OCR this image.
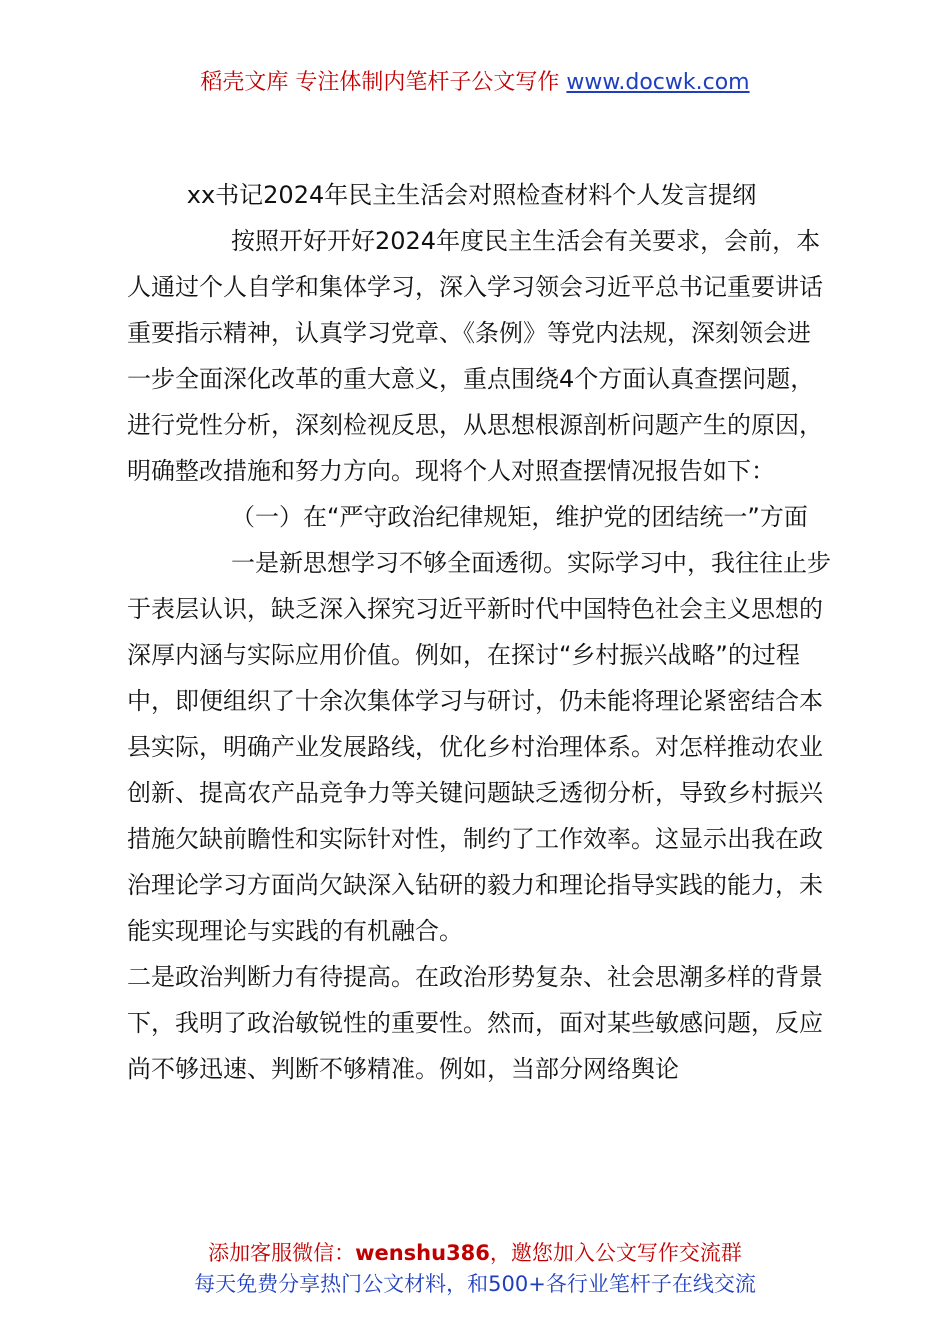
稻壳文库 专注体制内笔杆子公文写作 www.docwk.com

xx书记2024年民主生活会对照检查材料个人发言提纲

按照开好开好2024年度民主生活会有关要求，会前，本人通过个人自学和集体学习，深入学习领会习近平总书记重要讲话重要指示精神，认真学习党章、《条例》等党内法规，深刻领会进一步全面深化改革的重大意义，重点围绕4个方面认真查摆问题，进行党性分析，深刻检视反思，从思想根源剖析问题产生的原因，明确整改措施和努力方向。现将个人对照查摆情况报告如下：

（一）在“严守政治纪律规矩，维护党的团结统一”方面

一是新思想学习不够全面透彻。实际学习中，我往往止步于表层认识，缺乏深入探究习近平新时代中国特色社会主义思想的深厚内涵与实际应用价值。例如，在探讨“乡村振兴战略”的过程中，即便组织了十余次集体学习与研讨，仍未能将理论紧密结合本县实际，明确产业发展路线，优化乡村治理体系。对怎样推动农业创新、提高农产品竞争力等关键问题缺乏透彻分析，导致乡村振兴措施欠缺前瞻性和实际针对性，制约了工作效率。这显示出我在政治理论学习方面尚欠缺深入钻研的毅力和理论指导实践的能力，未能实现理论与实践的有机融合。

二是政治判断力有待提高。在政治形势复杂、社会思潮多样的背景下，我明了政治敏锐性的重要性。然而，面对某些敏感问题，反应尚不够迅速、判断不够精准。例如，当部分网络舆论

添加客服微信：wenshu386，邀您加入公文写作交流群
每天免费分享热门公文材料，和500+各行业笔杆子在线交流
